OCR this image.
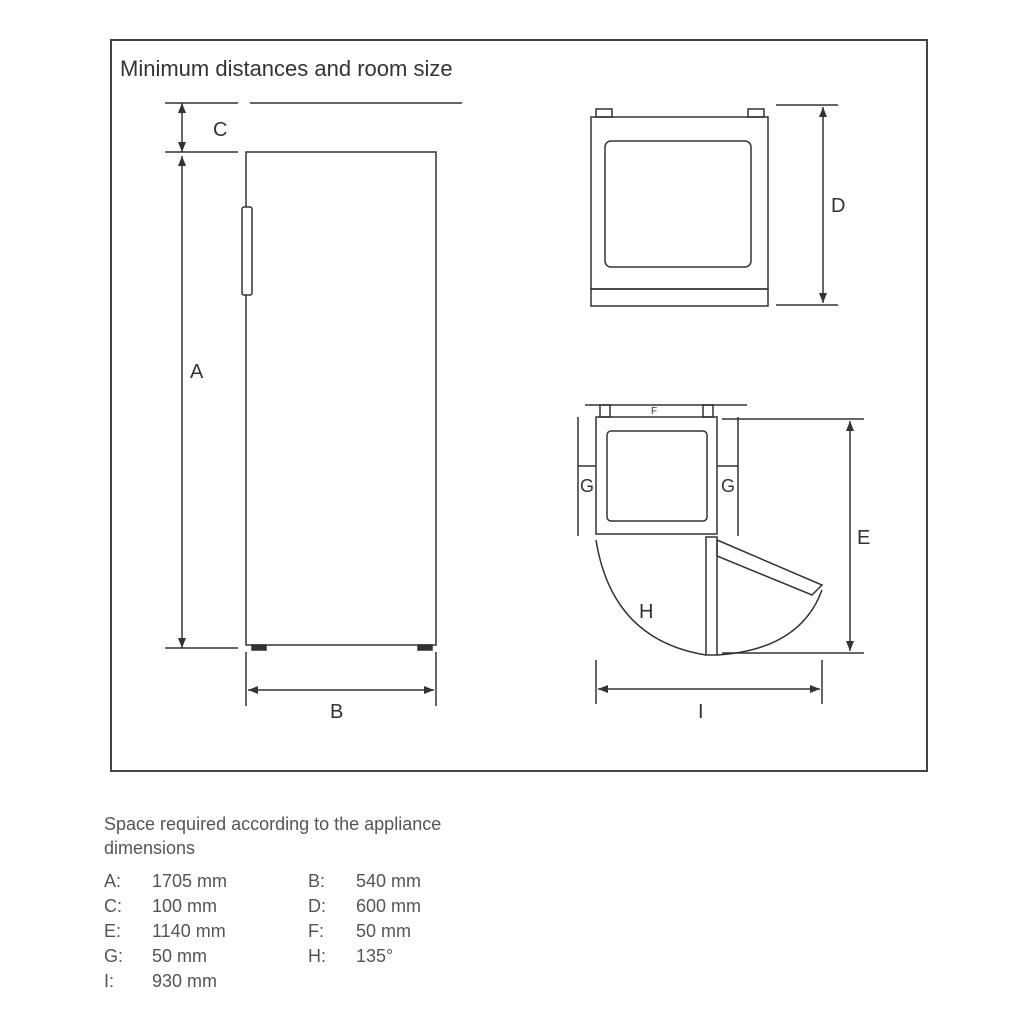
C
A
B
D
F
G	G
H
E
I
Minimum distances and room size
Space required according to the appliance dimensions
A: 1705 mm	B: 540 mm
C: 100 mm	D: 600 mm
E: 1140 mm	F: 50 mm
G: 50 mm	H: 135°
I: 930 mm
